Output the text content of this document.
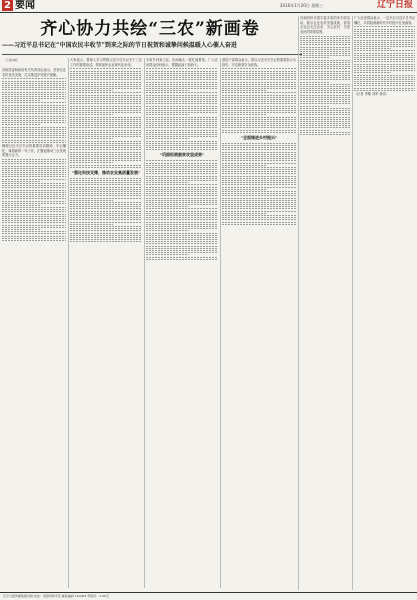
2 要闻	2016年1月20日 星期三	辽宁日报
齐心协力共绘“三农”新画卷
——习近平总书记在“中国农民丰收节”到来之际的节日祝贺和诚挚问候温暖人心催人奋进
（上接1版）

各地党委和政府有关负责同志表示，坚持农业农村优先发展，扎实推进乡村振兴战略。

梳理习近平总书记的重要讲话精神，牢记嘱托，谋划新的一年工作，汇聚起推动三农发展的强大合力。

大家表示，要深入学习贯彻习近平总书记关于三农工作的重要论述，持续加快农业现代化步伐。

“强化科技支撑，推动农业高质量发展”

丰收节到来之际，田间地头一派忙碌景象。广大农民群众纷纷表示，要撸起袖子加油干。

“巩固拓展脱贫攻坚成果”

基层干部群众表示，将以习近平总书记的重要指示为指引，守住粮食安全底线。

“全面推进乡村振兴”

各地纷纷开展丰富多彩的庆丰收活动，展示农业农村发展成就，营造全社会关注农业、关心农村、关爱农民的浓厚氛围。

广大农民群众表示，一定牢记习近平总书记嘱托，共同绘就新时代乡村振兴壮美画卷。

（记者 李锦 刘军 杨洋）

辽宁日报传媒集团出版 社址：沈阳市和平区 邮政编码 110003 零售价：1.50元
